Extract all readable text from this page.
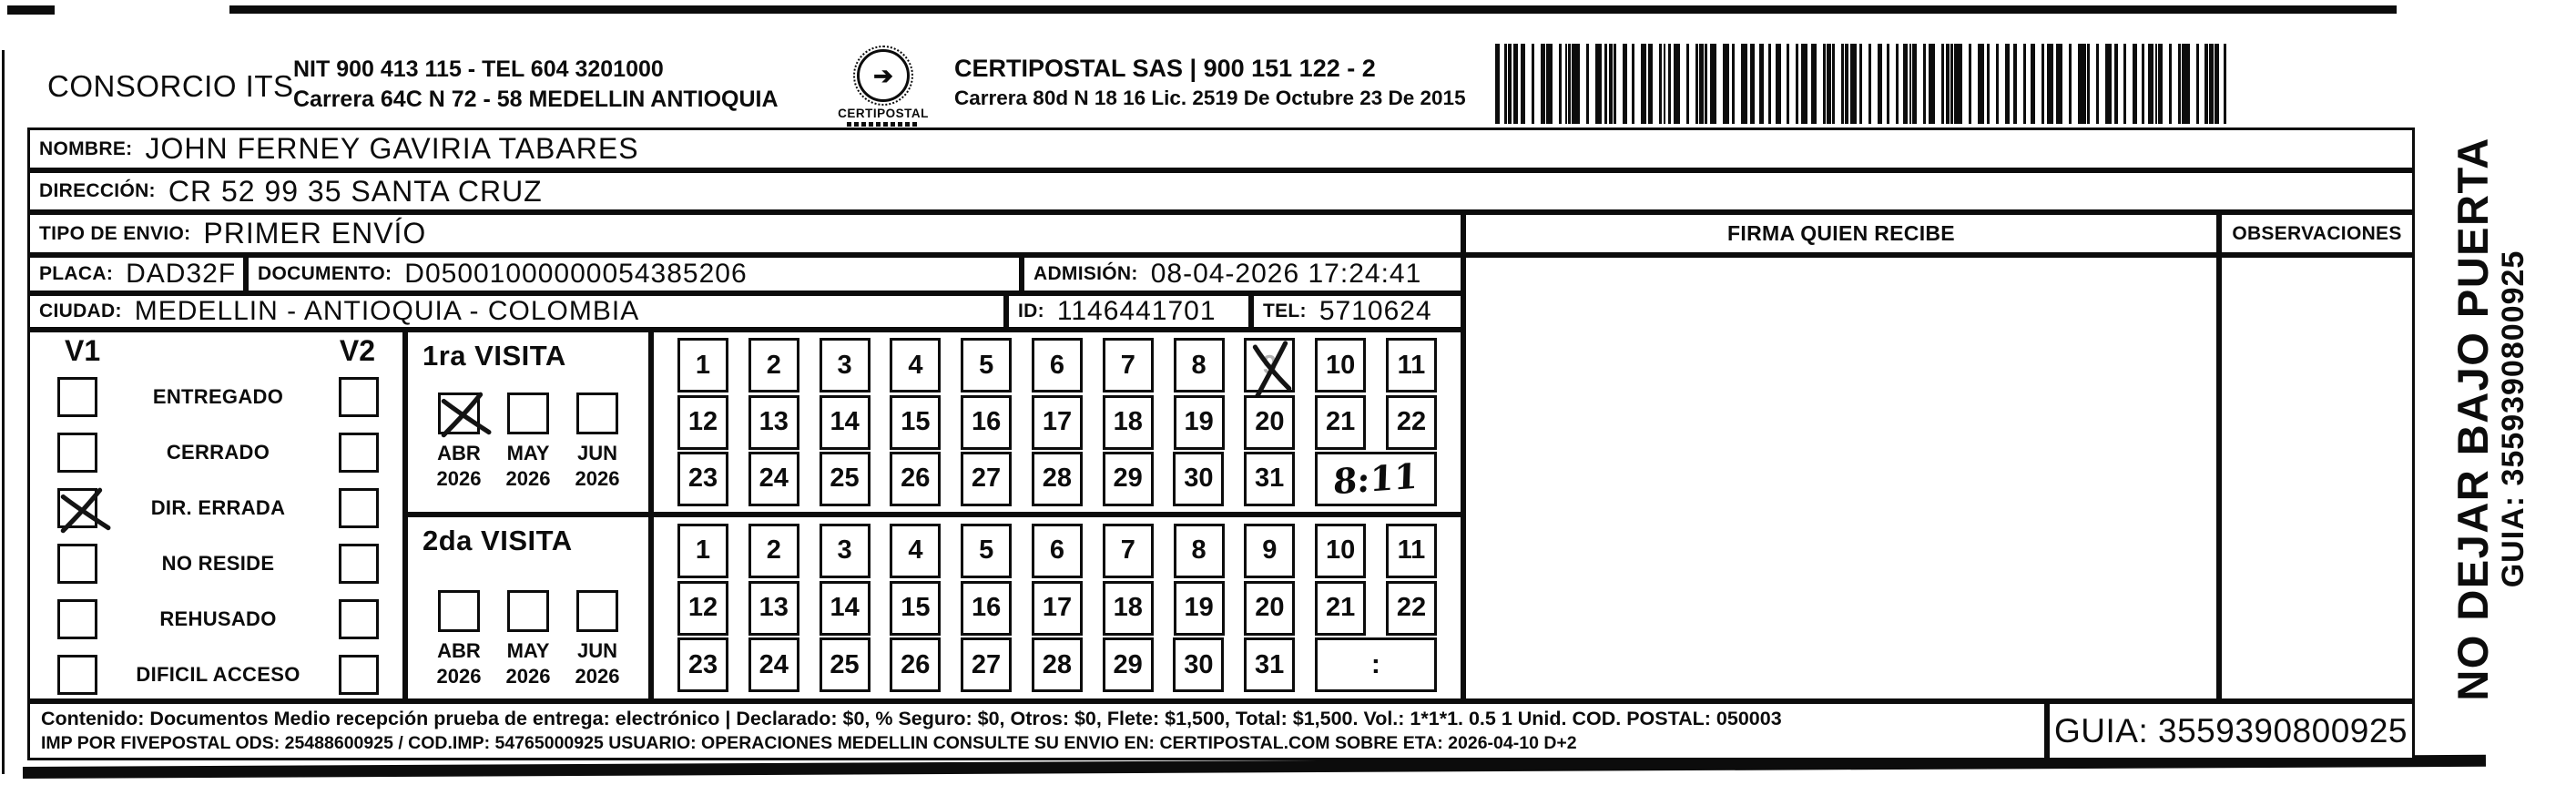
CONSORCIO ITS NIT 900 413 115 - TEL 604 3201000
Carrera 64C N 72 - 58 MEDELLIN ANTIOQUIA
➔
CERTIPOSTAL
CERTIPOSTAL SAS | 900 151 122 - 2
Carrera 80d N 18 16 Lic. 2519 De Octubre 23 De 2015
NOMBRE: JOHN FERNEY GAVIRIA TABARES
DIRECCIÓN: CR 52 99 35 SANTA CRUZ
TIPO DE ENVIO: PRIMER ENVÍO	FIRMA QUIEN RECIBE	OBSERVACIONES
PLACA: DAD32F DOCUMENTO: D05001000000054385206	ADMISIÓN: 08-04-2026 17:24:41
CIUDAD: MEDELLIN - ANTIOQUIA - COLOMBIA	ID: 1146441701 TEL: 5710624
V1	V2
ENTREGADO
CERRADO
DIR. ERRADA
NO RESIDE
REHUSADO
DIFICIL ACCESO
1ra VISITA
ABR
2026
MAY
2026
JUN
2026
2da VISITA
ABR
2026
MAY
2026
JUN
2026
1 2 3 4 5 6 7 8 9 10 11
12 13 14 15 16 17 18 19 20 21 22
23 24 25 26 27 28 29 30 31 8:11
1 2 3 4 5 6 7 8 9 10 11
12 13 14 15 16 17 18 19 20 21 22
23 24 25 26 27 28 29 30 31	:
Contenido: Documentos Medio recepción prueba de entrega: electrónico | Declarado: $0, % Seguro: $0, Otros: $0, Flete: $1,500, Total: $1,500. Vol.: 1*1*1. 0.5 1 Unid. COD. POSTAL: 050003
IMP POR FIVEPOSTAL ODS: 25488600925 / COD.IMP: 54765000925 USUARIO: OPERACIONES MEDELLIN CONSULTE SU ENVIO EN: CERTIPOSTAL.COM SOBRE ETA: 2026-04-10 D+2	GUIA: 3559390800925
NO DEJAR BAJO PUERTA
GUIA: 3559390800925
